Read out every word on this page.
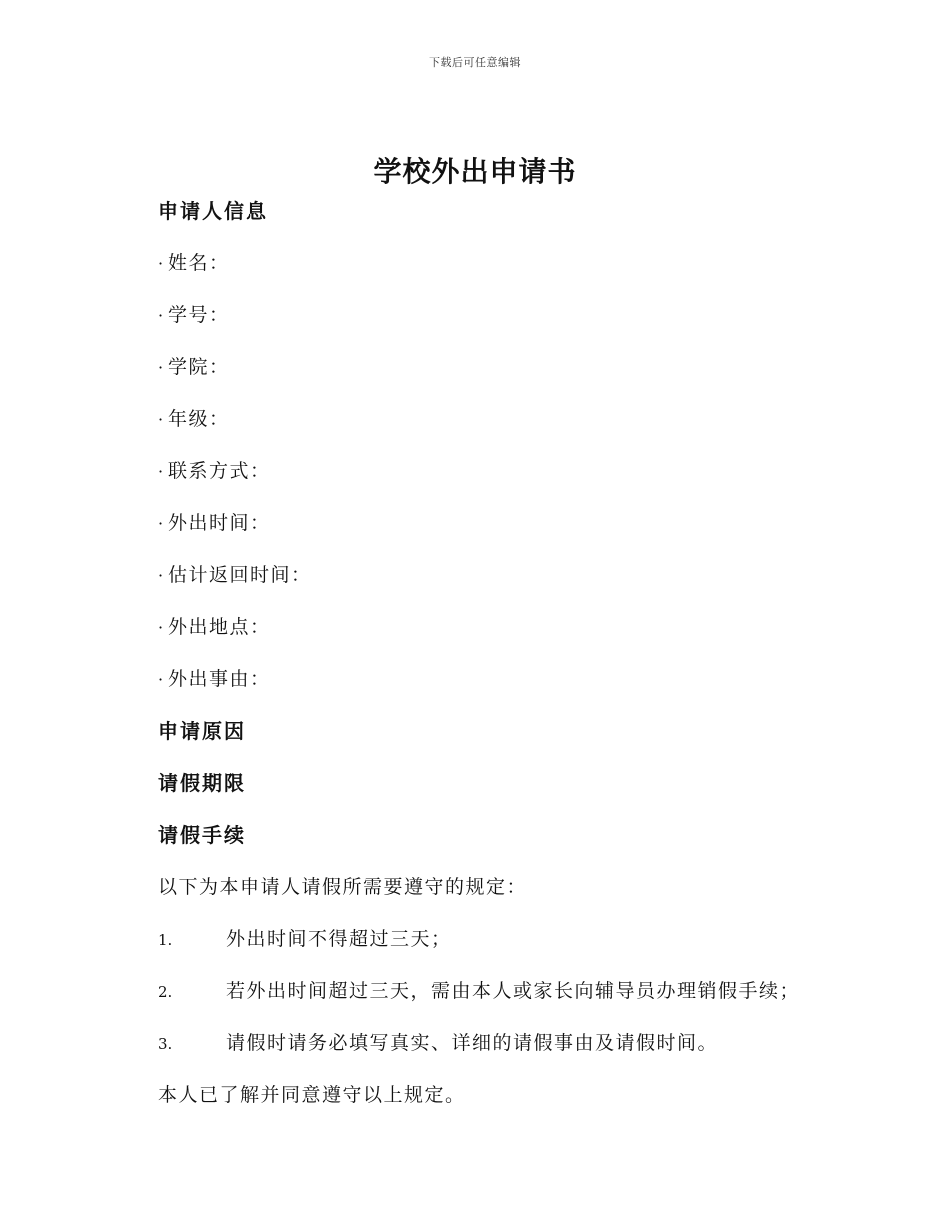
下载后可任意编辑
学校外出申请书
申请人信息
· 姓名：
· 学号：
· 学院：
· 年级：
· 联系方式：
· 外出时间：
· 估计返回时间：
· 外出地点：
· 外出事由：
申请原因
请假期限
请假手续
以下为本申请人请假所需要遵守的规定：
1.	外出时间不得超过三天；
2.	若外出时间超过三天，需由本人或家长向辅导员办理销假手续；
3.	请假时请务必填写真实、详细的请假事由及请假时间。
本人已了解并同意遵守以上规定。
